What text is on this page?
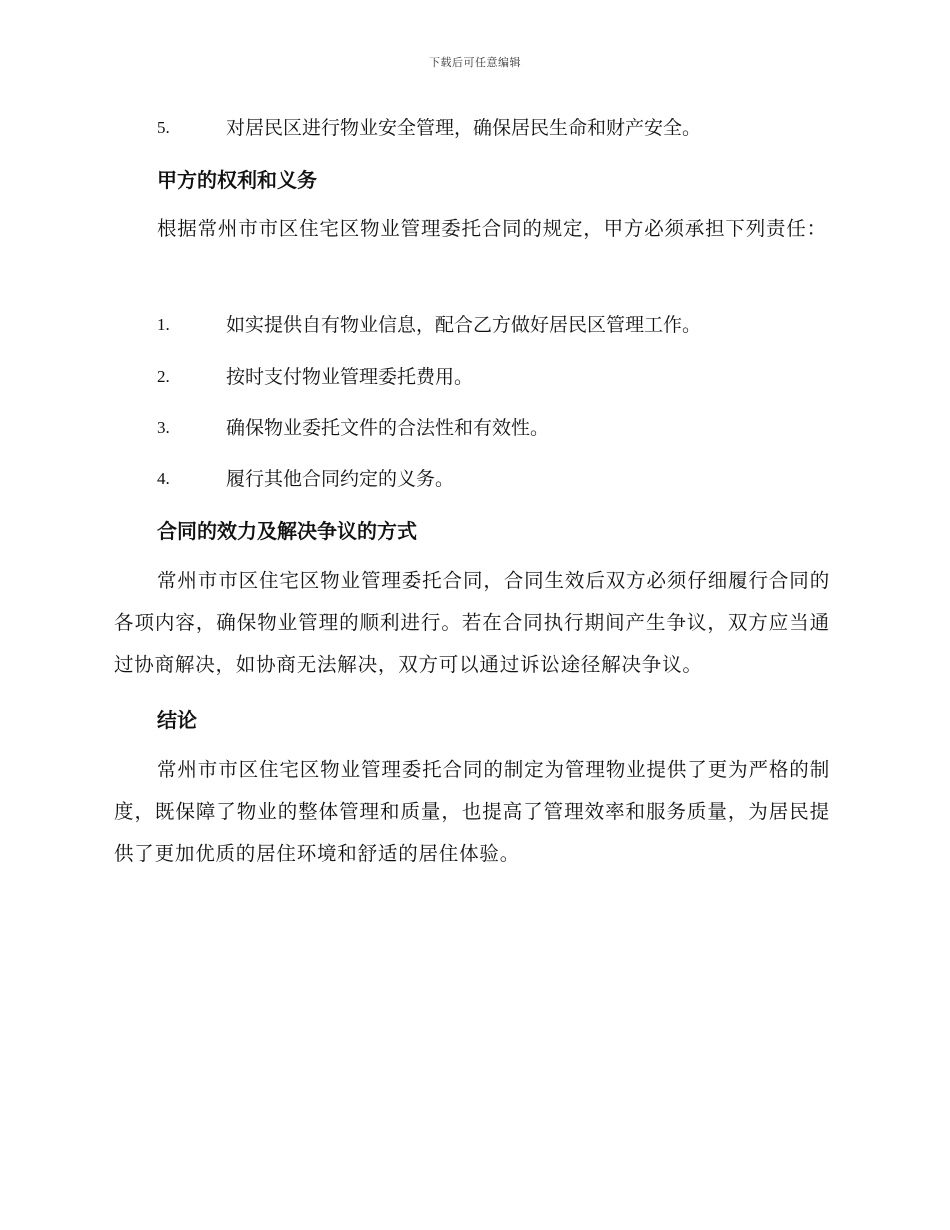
下载后可任意编辑
5.	对居民区进行物业安全管理，确保居民生命和财产安全。
甲方的权利和义务
根据常州市市区住宅区物业管理委托合同的规定，甲方必须承担下列责任：
1.	如实提供自有物业信息，配合乙方做好居民区管理工作。
2.	按时支付物业管理委托费用。
3.	确保物业委托文件的合法性和有效性。
4.	履行其他合同约定的义务。
合同的效力及解决争议的方式
常州市市区住宅区物业管理委托合同，合同生效后双方必须仔细履行合同的各项内容，确保物业管理的顺利进行。若在合同执行期间产生争议，双方应当通过协商解决，如协商无法解决，双方可以通过诉讼途径解决争议。
结论
常州市市区住宅区物业管理委托合同的制定为管理物业提供了更为严格的制度，既保障了物业的整体管理和质量，也提高了管理效率和服务质量，为居民提供了更加优质的居住环境和舒适的居住体验。
